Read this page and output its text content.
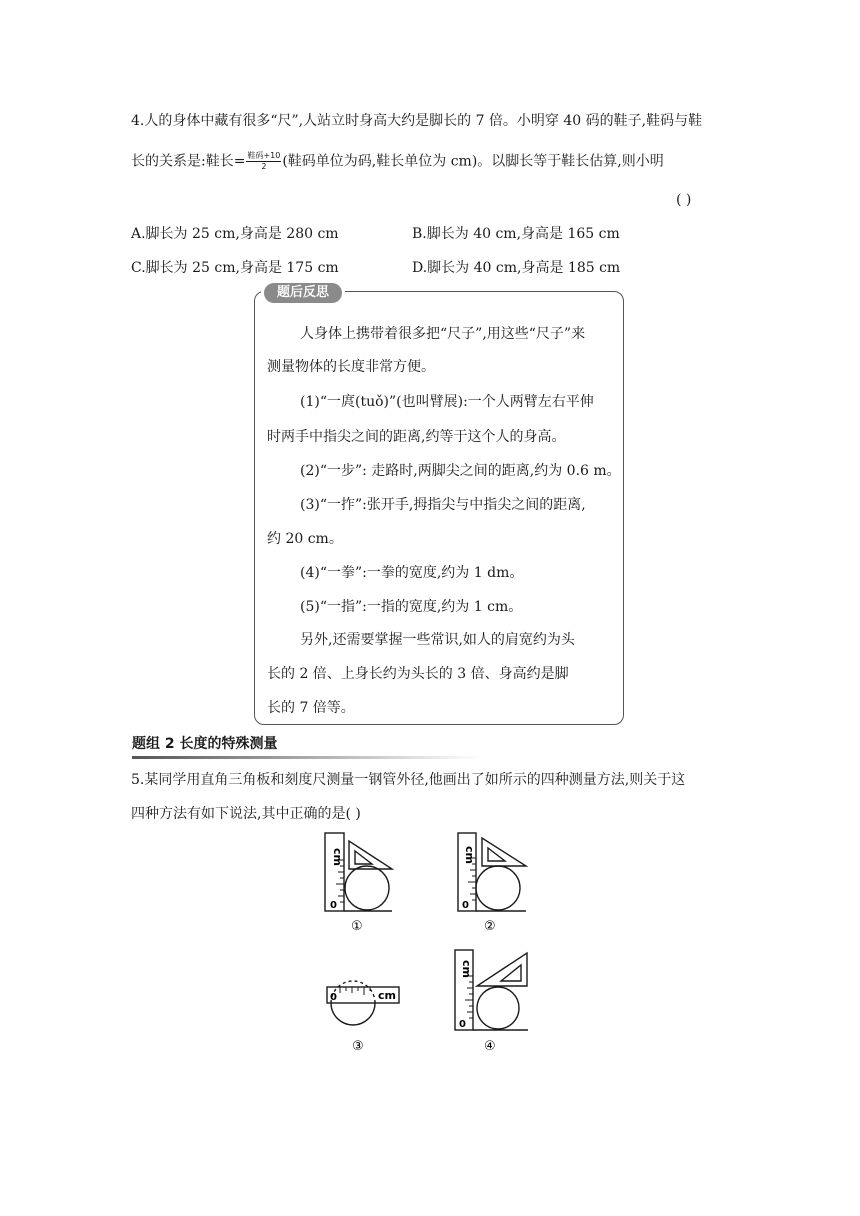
4.人的身体中藏有很多“尺”,人站立时身高大约是脚长的 7 倍。小明穿 40 码的鞋子,鞋码与鞋
长的关系是:鞋长= $\frac{\text{鞋码+10}}{2}$ (鞋码单位为码,鞋长单位为 cm)。以脚长等于鞋长估算,则小明
( )
A.脚长为 25 cm,身高是 280 cm	B.脚长为 40 cm,身高是 165 cm
C.脚长为 25 cm,身高是 175 cm	D.脚长为 40 cm,身高是 185 cm
题后反思
人身体上携带着很多把“尺子”,用这些“尺子”来
测量物体的长度非常方便。
(1)“一庹(tuǒ)”(也叫臂展):一个人两臂左右平伸
时两手中指尖之间的距离,约等于这个人的身高。
(2)“一步”: 走路时,两脚尖之间的距离,约为 0.6 m。
(3)“一拃”:张开手,拇指尖与中指尖之间的距离,
约 20 cm。
(4)“一拳”:一拳的宽度,约为 1 dm。
(5)“一指”:一指的宽度,约为 1 cm。
另外,还需要掌握一些常识,如人的肩宽约为头
长的 2 倍、上身长约为头长的 3 倍、身高约是脚
长的 7 倍等。
题组 2 长度的特殊测量
5.某同学用直角三角板和刻度尺测量一钢管外径,他画出了如所示的四种测量方法,则关于这
四种方法有如下说法,其中正确的是( )
cm
0
①
cm
0
②
0	cm
③
cm
0
④
